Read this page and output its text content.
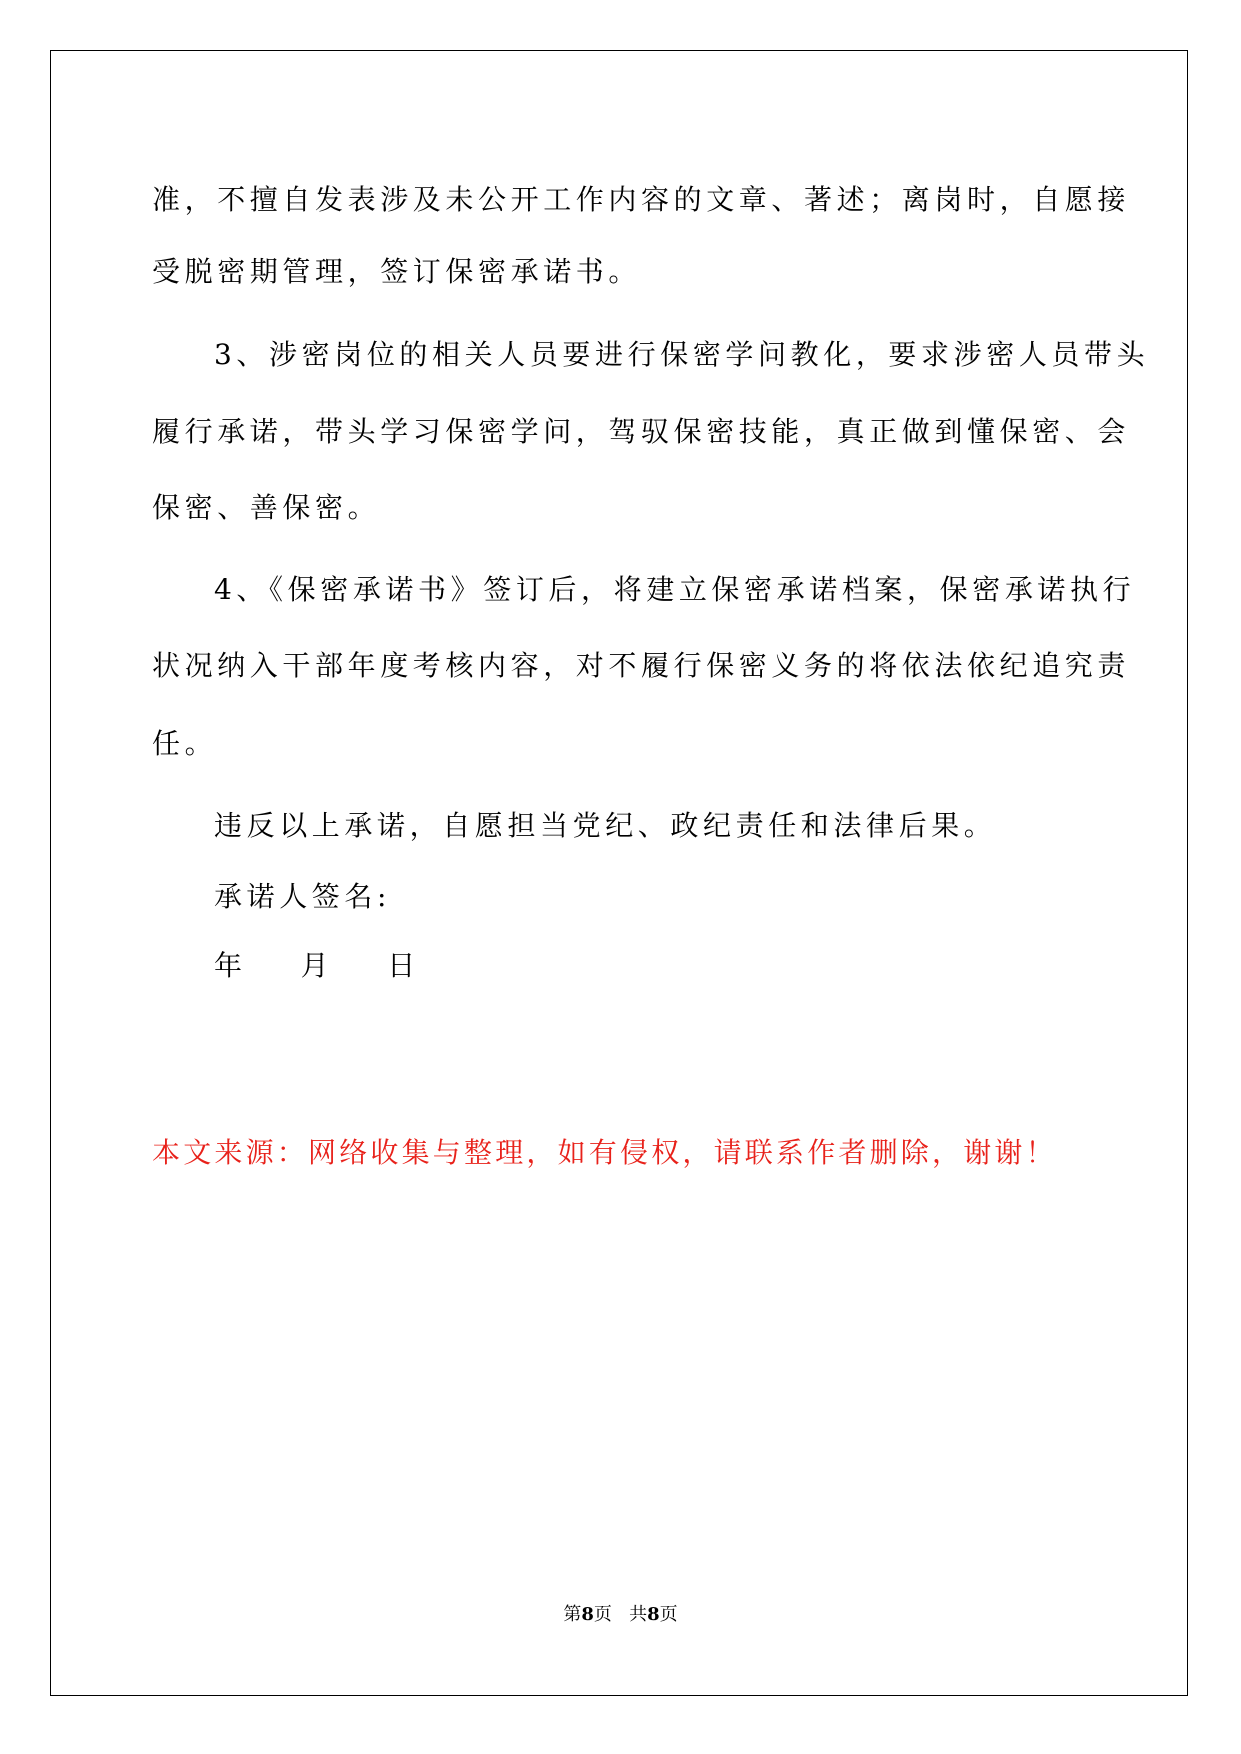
准，不擅自发表涉及未公开工作内容的文章、著述；离岗时，自愿接
受脱密期管理，签订保密承诺书。
3、涉密岗位的相关人员要进行保密学问教化，要求涉密人员带头
履行承诺，带头学习保密学问，驾驭保密技能，真正做到懂保密、会
保密、善保密。
4、《保密承诺书》签订后，将建立保密承诺档案，保密承诺执行
状况纳入干部年度考核内容，对不履行保密义务的将依法依纪追究责
任。
违反以上承诺，自愿担当党纪、政纪责任和法律后果。
承诺人签名:
年    月    日
本文来源：网络收集与整理，如有侵权，请联系作者删除，谢谢！
第8页 共8页
